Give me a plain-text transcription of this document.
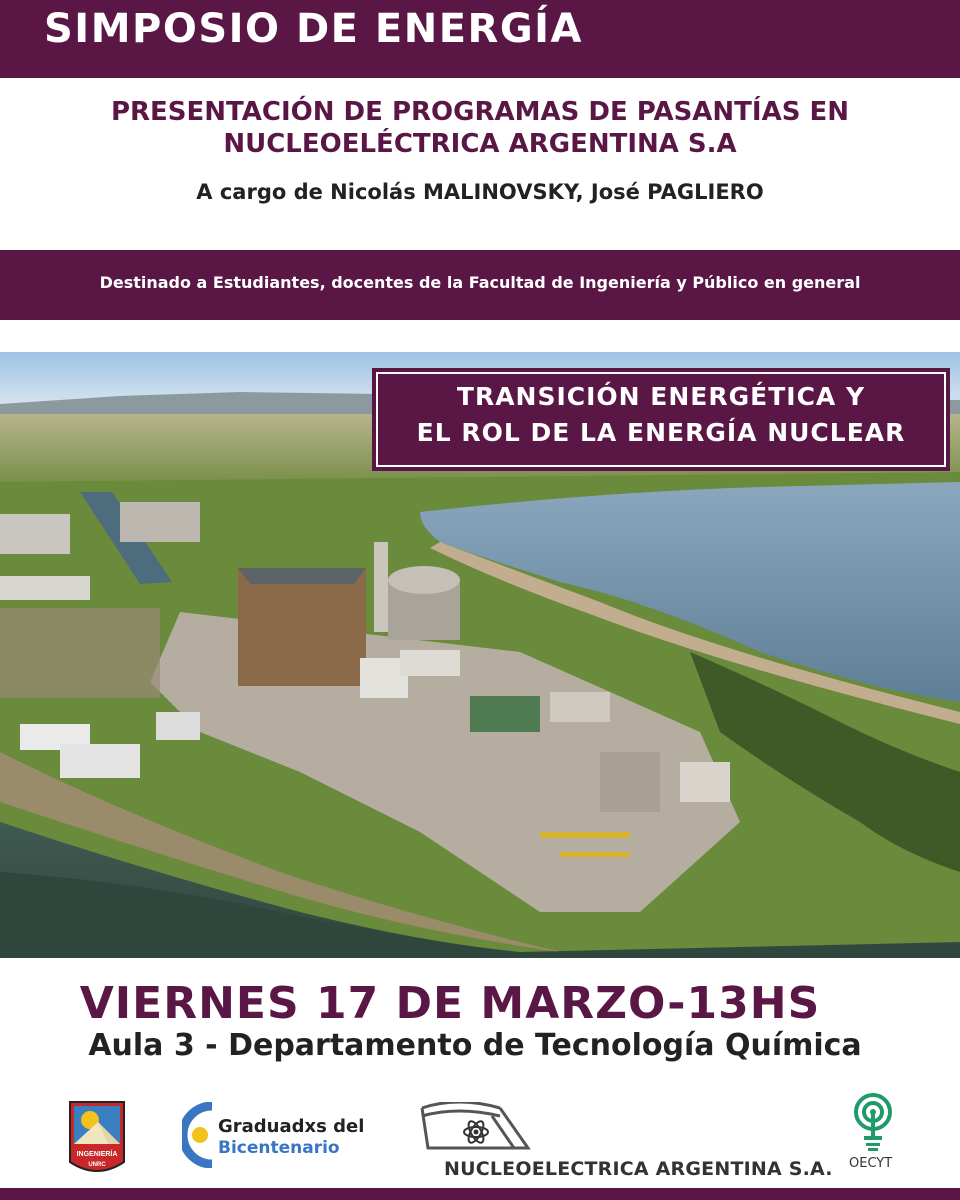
SIMPOSIO DE ENERGÍA
PRESENTACIÓN DE PROGRAMAS DE PASANTÍAS EN
NUCLEOELÉCTRICA ARGENTINA S.A
A cargo de Nicolás MALINOVSKY, José PAGLIERO

Destinado a Estudiantes, docentes de la Facultad de Ingeniería y Público en general

TRANSICIÓN ENERGÉTICA Y

EL ROL DE LA ENERGÍA NUCLEAR

VIERNES 17 DE MARZO-13HS
Aula 3 - Departamento de Tecnología Química
INGENIERÍA
UNRC
Graduadxs del
Bicentenario
NUCLEOELECTRICA ARGENTINA S.A. OECYT
